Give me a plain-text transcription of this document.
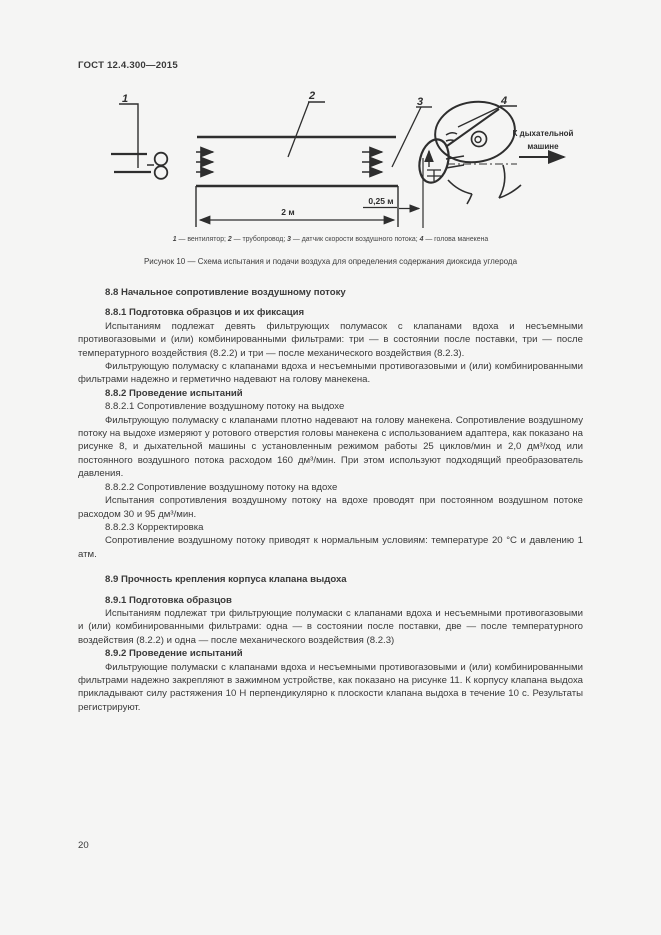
ГОСТ 12.4.300—2015
1	2	3	4
К дыхательной
машине
2 м
0,25 м
1 — вентилятор; 2 — трубопровод; 3 — датчик скорости воздушного потока; 4 — голова манекена
Рисунок 10 — Схема испытания и подачи воздуха для определения содержания диоксида углерода
8.8 Начальное сопротивление воздушному потоку
8.8.1 Подготовка образцов и их фиксация

Испытаниям подлежат девять фильтрующих полумасок с клапанами вдоха и несъемными противогазовыми и (или) комбинированными фильтрами: три — в состоянии после поставки, три — после температурного воздействия (8.2.2) и три — после механического воздействия (8.2.3).

Фильтрующую полумаску с клапанами вдоха и несъемными противогазовыми и (или) комбинированными фильтрами надежно и герметично надевают на голову манекена.

8.8.2 Проведение испытаний

8.8.2.1 Сопротивление воздушному потоку на выдохе

Фильтрующую полумаску с клапанами плотно надевают на голову манекена. Сопротивление воздушному потоку на выдохе измеряют у ротового отверстия головы манекена с использованием адаптера, как показано на рисунке 8, и дыхательной машины с установленным режимом работы 25 циклов/мин и 2,0 дм³/ход или постоянного воздушного потока расходом 160 дм³/мин. При этом используют подходящий преобразователь давления.

8.8.2.2 Сопротивление воздушному потоку на вдохе

Испытания сопротивления воздушному потоку на вдохе проводят при постоянном воздушном потоке расходом 30 и 95 дм³/мин.

8.8.2.3 Корректировка

Сопротивление воздушному потоку приводят к нормальным условиям: температуре 20 °С и давлению 1 атм.

8.9 Прочность крепления корпуса клапана выдоха
8.9.1 Подготовка образцов

Испытаниям подлежат три фильтрующие полумаски с клапанами вдоха и несъемными противогазовыми и (или) комбинированными фильтрами: одна — в состоянии после поставки, две — после температурного воздействия (8.2.2) и одна — после механического воздействия (8.2.3)

8.9.2 Проведение испытаний

Фильтрующие полумаски с клапанами вдоха и несъемными противогазовыми и (или) комбинированными фильтрами надежно закрепляют в зажимном устройстве, как показано на рисунке 11. К корпусу клапана выдоха прикладывают силу растяжения 10 Н перпендикулярно к плоскости клапана выдоха в течение 10 с. Результаты регистрируют.

20
